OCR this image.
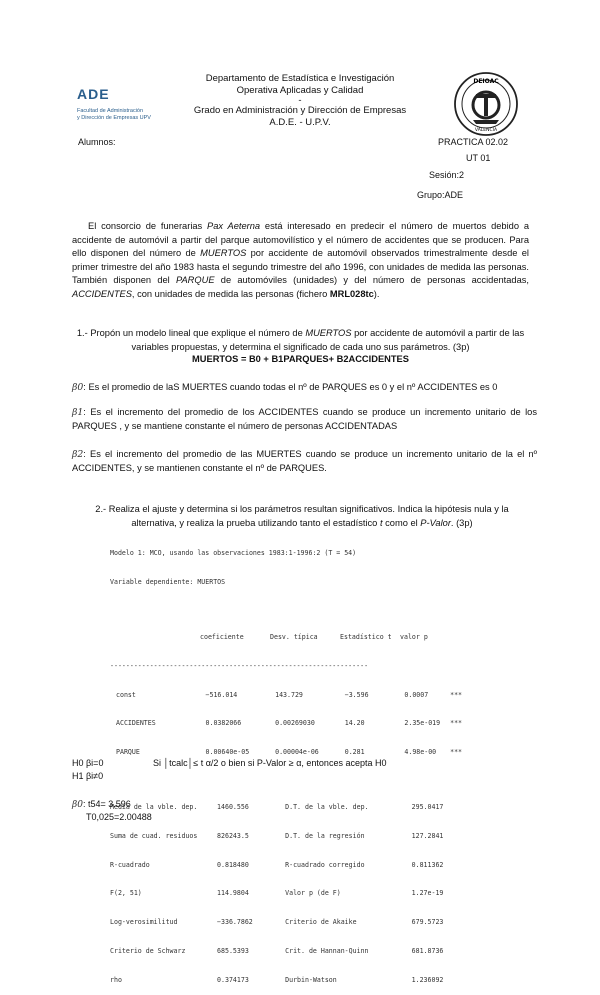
ADE
Facultad de Administración
y Dirección de Empresas UPV
Departamento de Estadística e Investigación
Operativa Aplicadas y Calidad
-
Grado en Administración y Dirección de Empresas
A.D.E. - U.P.V.
DEIOAC
VALENCIA
Alumnos:	PRACTICA 02.02
UT 01
Sesión:2
Grupo:ADE
El consorcio de funerarias Pax Aeterna está interesado en predecir el número de muertos debido a accidente de automóvil a partir del parque automovilístico y el número de accidentes que se producen. Para ello disponen del número de MUERTOS por accidente de automóvil observados trimestralmente desde el primer trimestre del año 1983 hasta el segundo trimestre del año 1996, con unidades de medida las personas. También disponen del PARQUE de automóviles (unidades) y del número de personas accidentadas, ACCIDENTES, con unidades de medida las personas (fichero MRL028tc).
1.- Propón un modelo lineal que explique el número de MUERTOS por accidente de automóvil a partir de las variables propuestas, y determina el significado de cada uno sus parámetros. (3p)
MUERTOS = B0 + B1PARQUES+ B2ACCIDENTES
β0: Es el promedio de laS MUERTES cuando todas el nº de PARQUES es 0 y el nº ACCIDENTES es 0
β1: Es el incremento del promedio de los ACCIDENTES cuando se produce un incremento unitario de los PARQUES , y se mantiene constante el número de personas ACCIDENTADAS
β2: Es el incremento del promedio de las MUERTES cuando se produce un incremento unitario de la el nº ACCIDENTES, y se mantienen constante el nº de PARQUES.
2.- Realiza el ajuste y determina si los parámetros resultan significativos. Indica la hipótesis nula y la alternativa, y realiza la prueba utilizando tanto el estadístico t como el P-Valor. (3p)

Modelo 1: MCO, usando las observaciones 1983:1-1996:2 (T = 54)

Variable dependiente: MUERTOS

coeficiente	Desv. típica	Estadístico t	valor p

-----------------------------------------------------------------

const	−516.014	143.729	−3.596	0.0007	***

ACCIDENTES	0.0382066	0.00269030	14.20	2.35e-019	***

PARQUE	0.00640e-05	0.00004e-06	0.281	4.98e-00	***

Media de la vble. dep.	1460.556	D.T. de la vble. dep.	295.0417

Suma de cuad. residuos	826243.5	D.T. de la regresión	127.2841

R-cuadrado	0.818480	R-cuadrado corregido	0.811362

F(2, 51)	114.9804	Valor p (de F)	1.27e-19

Log-verosimilitud	−336.7862	Criterio de Akaike	679.5723

Criterio de Schwarz	685.5393	Crit. de Hannan-Quinn	681.8736

rho	0.374173	Durbin-Watson	1.236092

H0 βi=0
H1 βi≠0
Si │tcalc│≤ t α/2 o bien si P-Valor ≥ α, entonces acepta H0
β0: t54= 3.596
T0,025=2.00488
